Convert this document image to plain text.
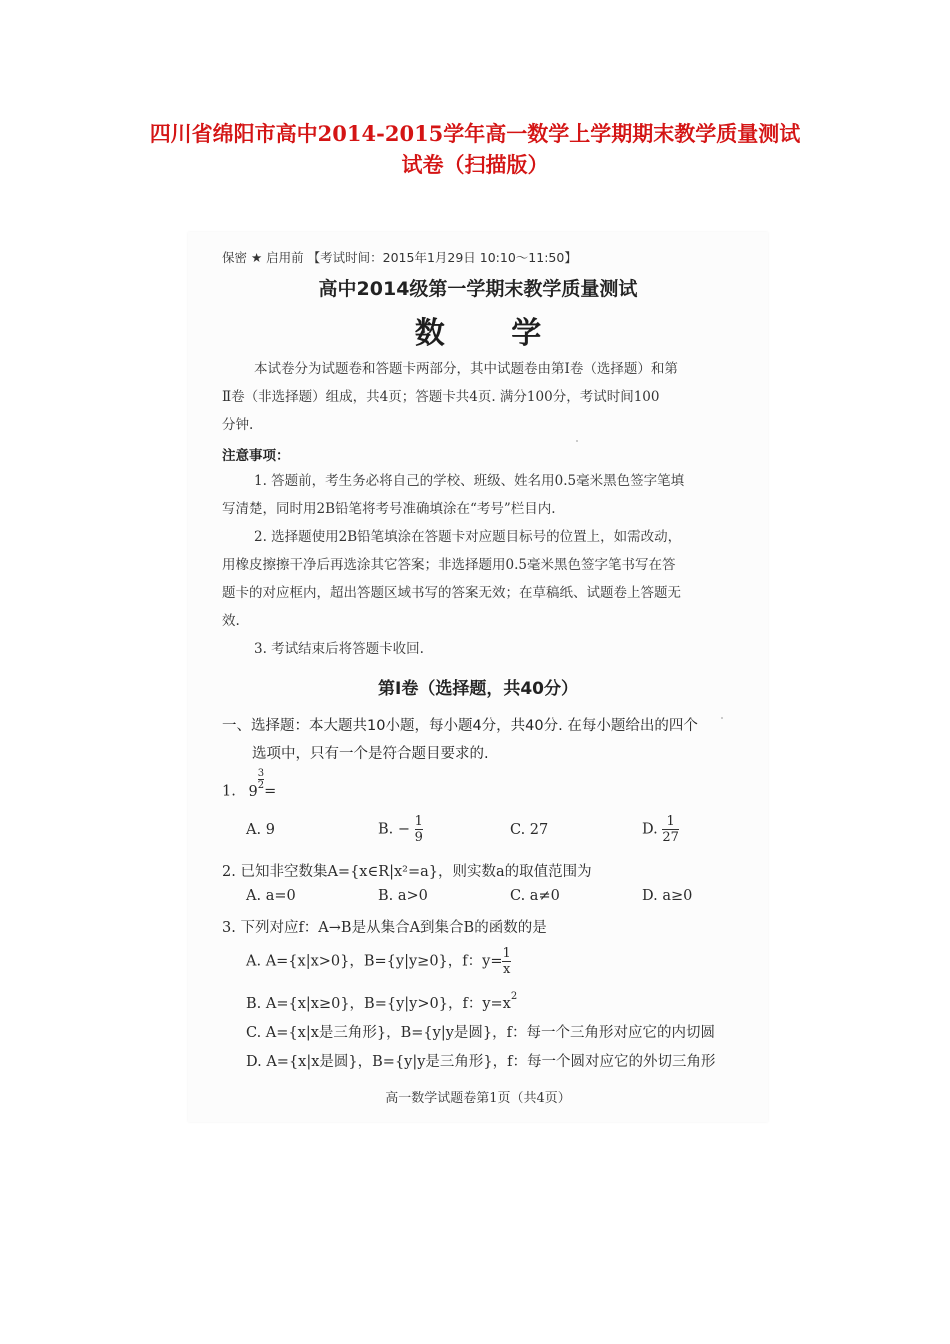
四川省绵阳市高中2014-2015学年高一数学上学期期末教学质量测试
试卷（扫描版）
保密 ★ 启用前 【考试时间：2015年1月29日 10:10～11:50】
高中2014级第一学期末教学质量测试
数 学
本试卷分为试题卷和答题卡两部分，其中试题卷由第Ⅰ卷（选择题）和第
Ⅱ卷（非选择题）组成，共4页；答题卡共4页. 满分100分，考试时间100
分钟.
注意事项：
1. 答题前，考生务必将自己的学校、班级、姓名用0.5毫米黑色签字笔填
写清楚，同时用2B铅笔将考号准确填涂在“考号”栏目内.
2. 选择题使用2B铅笔填涂在答题卡对应题目标号的位置上，如需改动，
用橡皮擦擦干净后再选涂其它答案；非选择题用0.5毫米黑色签字笔书写在答
题卡的对应框内，超出答题区域书写的答案无效；在草稿纸、试题卷上答题无
效.
3. 考试结束后将答题卡收回.
第Ⅰ卷（选择题，共40分）
一、选择题：本大题共10小题，每小题4分，共40分. 在每小题给出的四个
选项中，只有一个是符合题目要求的.
1. 9
$\frac{3}{2}$
=
A. 9	B. − $\frac{1}{9}$	C. 27	D. $\frac{1}{27}$
2. 已知非空数集A={x∈R|x²=a}，则实数a的取值范围为
A. a=0	B. a>0	C. a≠0	D. a≥0
3. 下列对应f：A→B是从集合A到集合B的函数的是
A. A={x|x>0}，B={y|y≥0}，f：$y= \frac{1}{x}$
B. A={x|x≥0}，B={y|y>0}，f：$y=x^2$
C. A={x|x是三角形}，B={y|y是圆}，f：每一个三角形对应它的内切圆
D. A={x|x是圆}，B={y|y是三角形}，f：每一个圆对应它的外切三角形
高一数学试题卷第1页（共4页）
